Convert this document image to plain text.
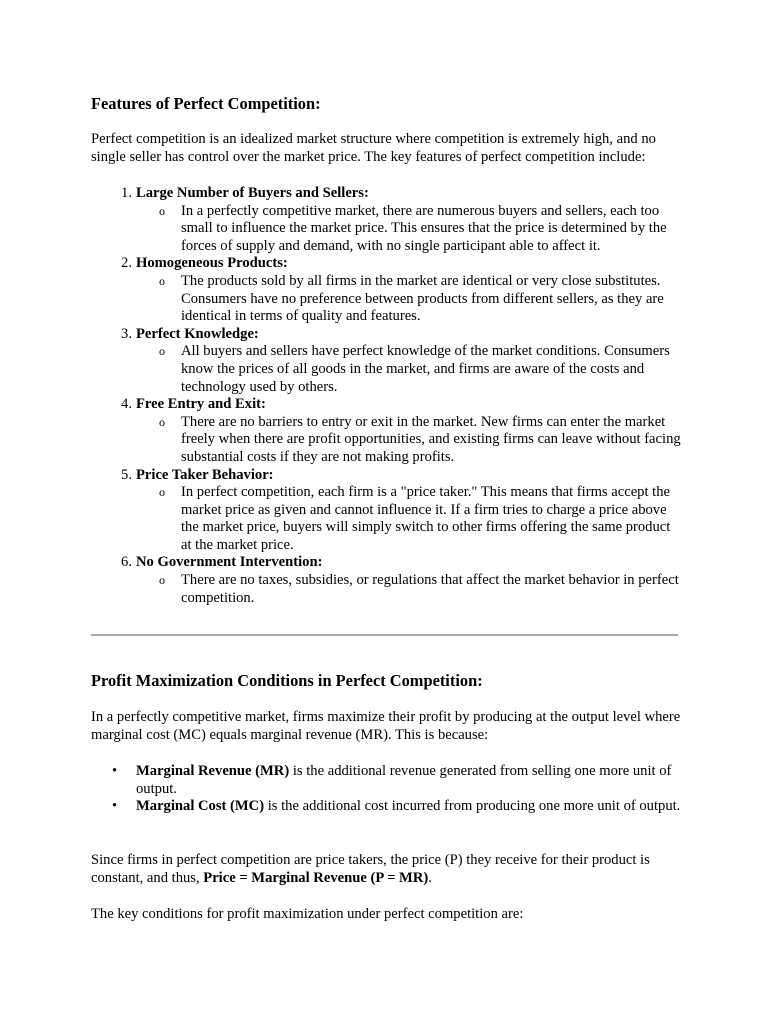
Features of Perfect Competition:

Perfect competition is an idealized market structure where competition is extremely high, and no single seller has control over the market price. The key features of perfect competition include:

1. Large Number of Buyers and Sellers:
o In a perfectly competitive market, there are numerous buyers and sellers, each too small to influence the market price. This ensures that the price is determined by the forces of supply and demand, with no single participant able to affect it.
2. Homogeneous Products:
o The products sold by all firms in the market are identical or very close substitutes. Consumers have no preference between products from different sellers, as they are identical in terms of quality and features.
3. Perfect Knowledge:
o All buyers and sellers have perfect knowledge of the market conditions. Consumers know the prices of all goods in the market, and firms are aware of the costs and technology used by others.
4. Free Entry and Exit:
o There are no barriers to entry or exit in the market. New firms can enter the market freely when there are profit opportunities, and existing firms can leave without facing substantial costs if they are not making profits.
5. Price Taker Behavior:
o In perfect competition, each firm is a "price taker." This means that firms accept the market price as given and cannot influence it. If a firm tries to charge a price above the market price, buyers will simply switch to other firms offering the same product at the market price.
6. No Government Intervention:
o There are no taxes, subsidies, or regulations that affect the market behavior in perfect competition.
Profit Maximization Conditions in Perfect Competition:

In a perfectly competitive market, firms maximize their profit by producing at the output level where marginal cost (MC) equals marginal revenue (MR). This is because:

• Marginal Revenue (MR) is the additional revenue generated from selling one more unit of output.
• Marginal Cost (MC) is the additional cost incurred from producing one more unit of output.

Since firms in perfect competition are price takers, the price (P) they receive for their product is constant, and thus, Price = Marginal Revenue (P = MR).

The key conditions for profit maximization under perfect competition are:
